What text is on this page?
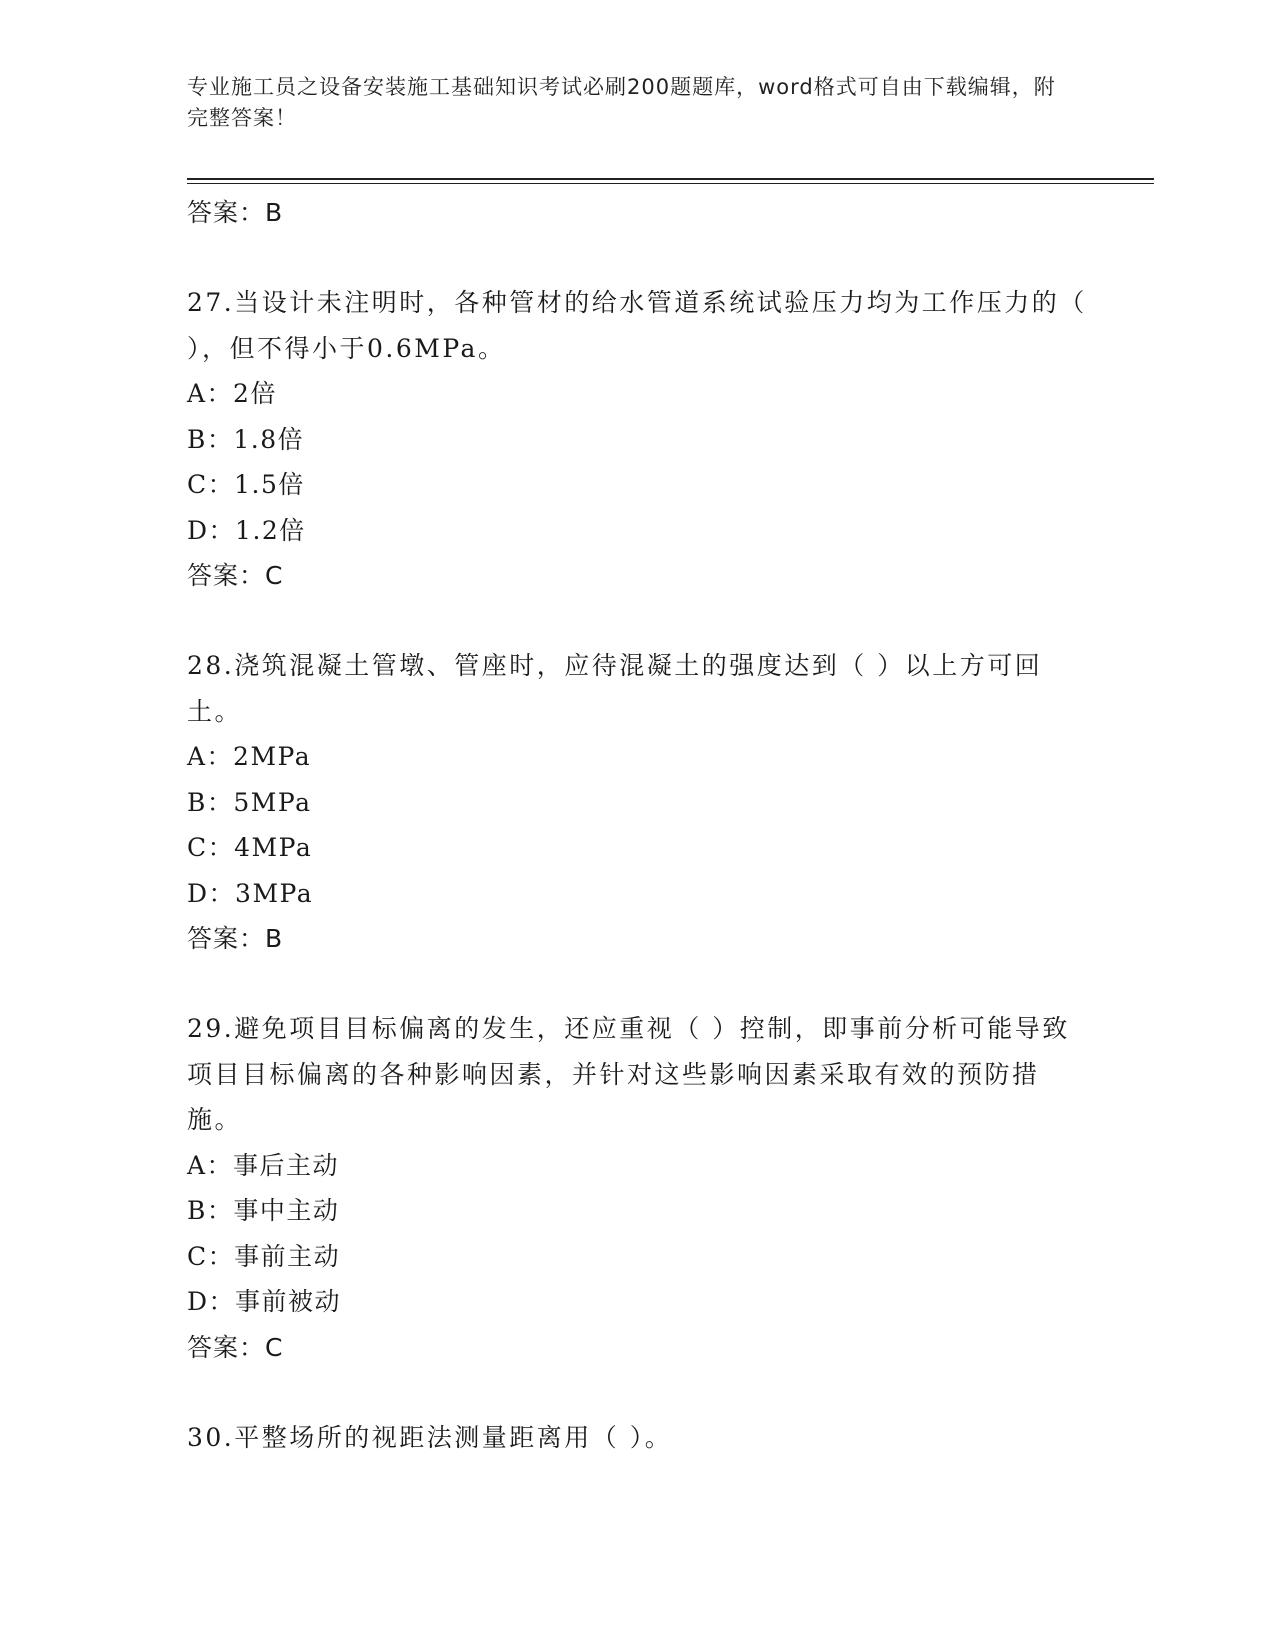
专业施工员之设备安装施工基础知识考试必刷200题题库，word格式可自由下载编辑，附完整答案！
答案：B
27.当设计未注明时，各种管材的给水管道系统试验压力均为工作压力的（ ），但不得小于0.6MPa。
A：2倍
B：1.8倍
C：1.5倍
D：1.2倍
答案：C
28.浇筑混凝土管墩、管座时，应待混凝土的强度达到（ ）以上方可回土。
A：2MPa
B：5MPa
C：4MPa
D：3MPa
答案：B
29.避免项目目标偏离的发生，还应重视（ ）控制，即事前分析可能导致项目目标偏离的各种影响因素，并针对这些影响因素采取有效的预防措施。
A：事后主动
B：事中主动
C：事前主动
D：事前被动
答案：C
30.平整场所的视距法测量距离用（ ）。
